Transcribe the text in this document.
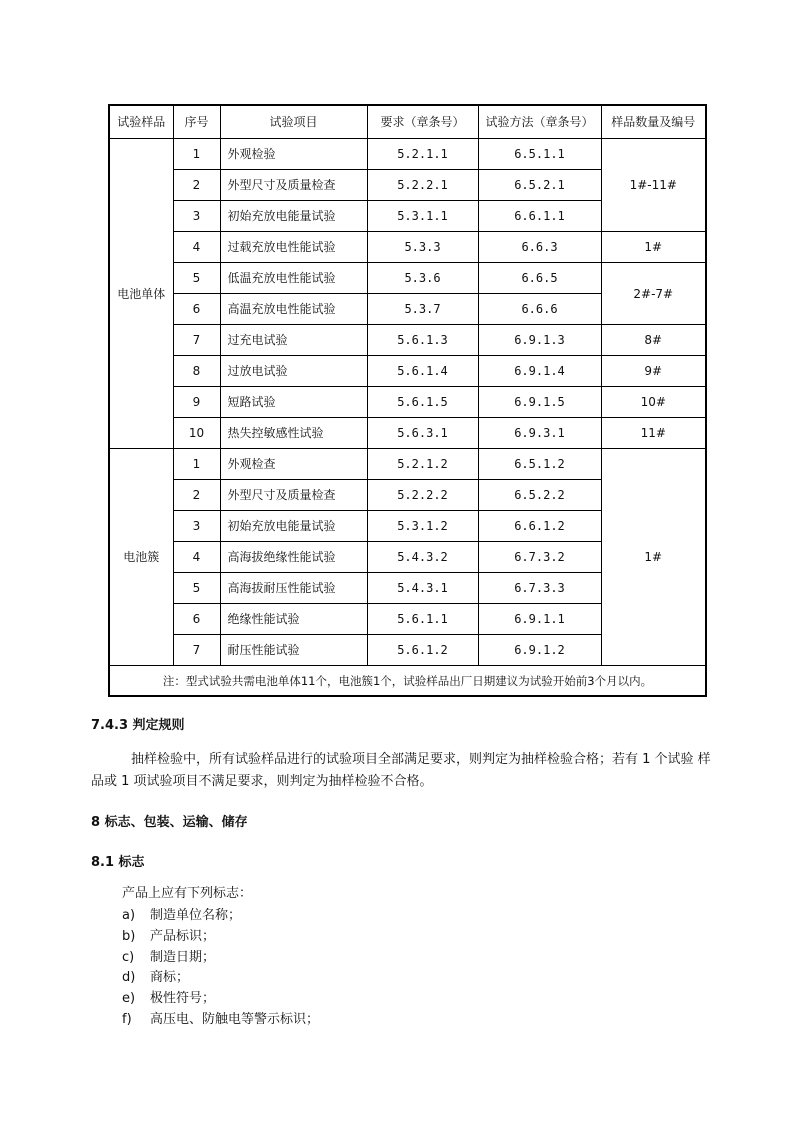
试验样品	序号	试验项目	要求（章条号）	试验方法（章条号）	样品数量及编号
电池单体	1	外观检验	5.2.1.1	6.5.1.1	1#-11#
	2	外型尺寸及质量检查	5.2.2.1	6.5.2.1	
	3	初始充放电能量试验	5.3.1.1	6.6.1.1	
	4	过载充放电性能试验	5.3.3	6.6.3	1#
	5	低温充放电性能试验	5.3.6	6.6.5	2#-7#
	6	高温充放电性能试验	5.3.7	6.6.6	
	7	过充电试验	5.6.1.3	6.9.1.3	8#
	8	过放电试验	5.6.1.4	6.9.1.4	9#
	9	短路试验	5.6.1.5	6.9.1.5	10#
	10	热失控敏感性试验	5.6.3.1	6.9.3.1	11#
电池簇	1	外观检查	5.2.1.2	6.5.1.2	1#
	2	外型尺寸及质量检查	5.2.2.2	6.5.2.2	
	3	初始充放电能量试验	5.3.1.2	6.6.1.2	
	4	高海拔绝缘性能试验	5.4.3.2	6.7.3.2	
	5	高海拔耐压性能试验	5.4.3.1	6.7.3.3	
	6	绝缘性能试验	5.6.1.1	6.9.1.1	
	7	耐压性能试验	5.6.1.2	6.9.1.2	
注：型式试验共需电池单体11个，电池簇1个，试验样品出厂日期建议为试验开始前3个月以内。					
7.4.3 判定规则
抽样检验中，所有试验样品进行的试验项目全部满足要求，则判定为抽样检验合格；若有 1 个试验 样品或 1 项试验项目不满足要求，则判定为抽样检验不合格。
8 标志、包装、运输、储存
8.1 标志
产品上应有下列标志：
a) 制造单位名称；
b) 产品标识；
c) 制造日期；
d) 商标；
e) 极性符号；
f) 高压电、防触电等警示标识；
